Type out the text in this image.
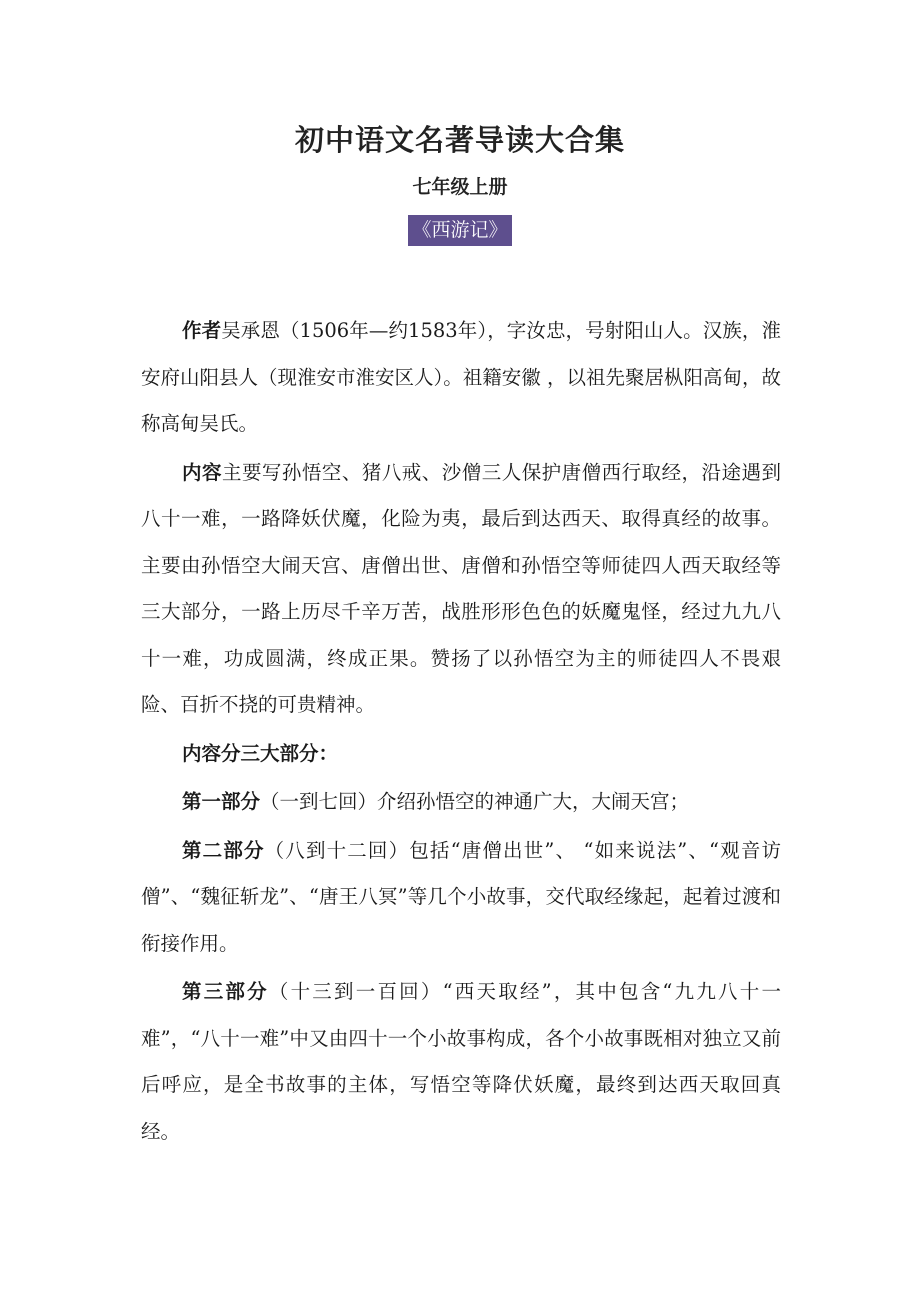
初中语文名著导读大合集
七年级上册
《西游记》

作者吴承恩（1506年—约1583年），字汝忠，号射阳山人。汉族，淮安府山阳县人（现淮安市淮安区人）。祖籍安徽 ，以祖先聚居枞阳高甸，故称高甸吴氏。

内容主要写孙悟空、猪八戒、沙僧三人保护唐僧西行取经，沿途遇到八十一难，一路降妖伏魔，化险为夷，最后到达西天、取得真经的故事。主要由孙悟空大闹天宫、唐僧出世、唐僧和孙悟空等师徒四人西天取经等三大部分，一路上历尽千辛万苦，战胜形形色色的妖魔鬼怪，经过九九八十一难，功成圆满，终成正果。赞扬了以孙悟空为主的师徒四人不畏艰险、百折不挠的可贵精神。

内容分三大部分：

第一部分（一到七回）介绍孙悟空的神通广大，大闹天宫；

第二部分（八到十二回）包括“唐僧出世”、 “如来说法”、“观音访僧”、“魏征斩龙”、“唐王八冥”等几个小故事，交代取经缘起，起着过渡和衔接作用。

第三部分（十三到一百回）“西天取经”，其中包含“九九八十一难”，“八十一难”中又由四十一个小故事构成，各个小故事既相对独立又前后呼应，是全书故事的主体，写悟空等降伏妖魔，最终到达西天取回真经。
